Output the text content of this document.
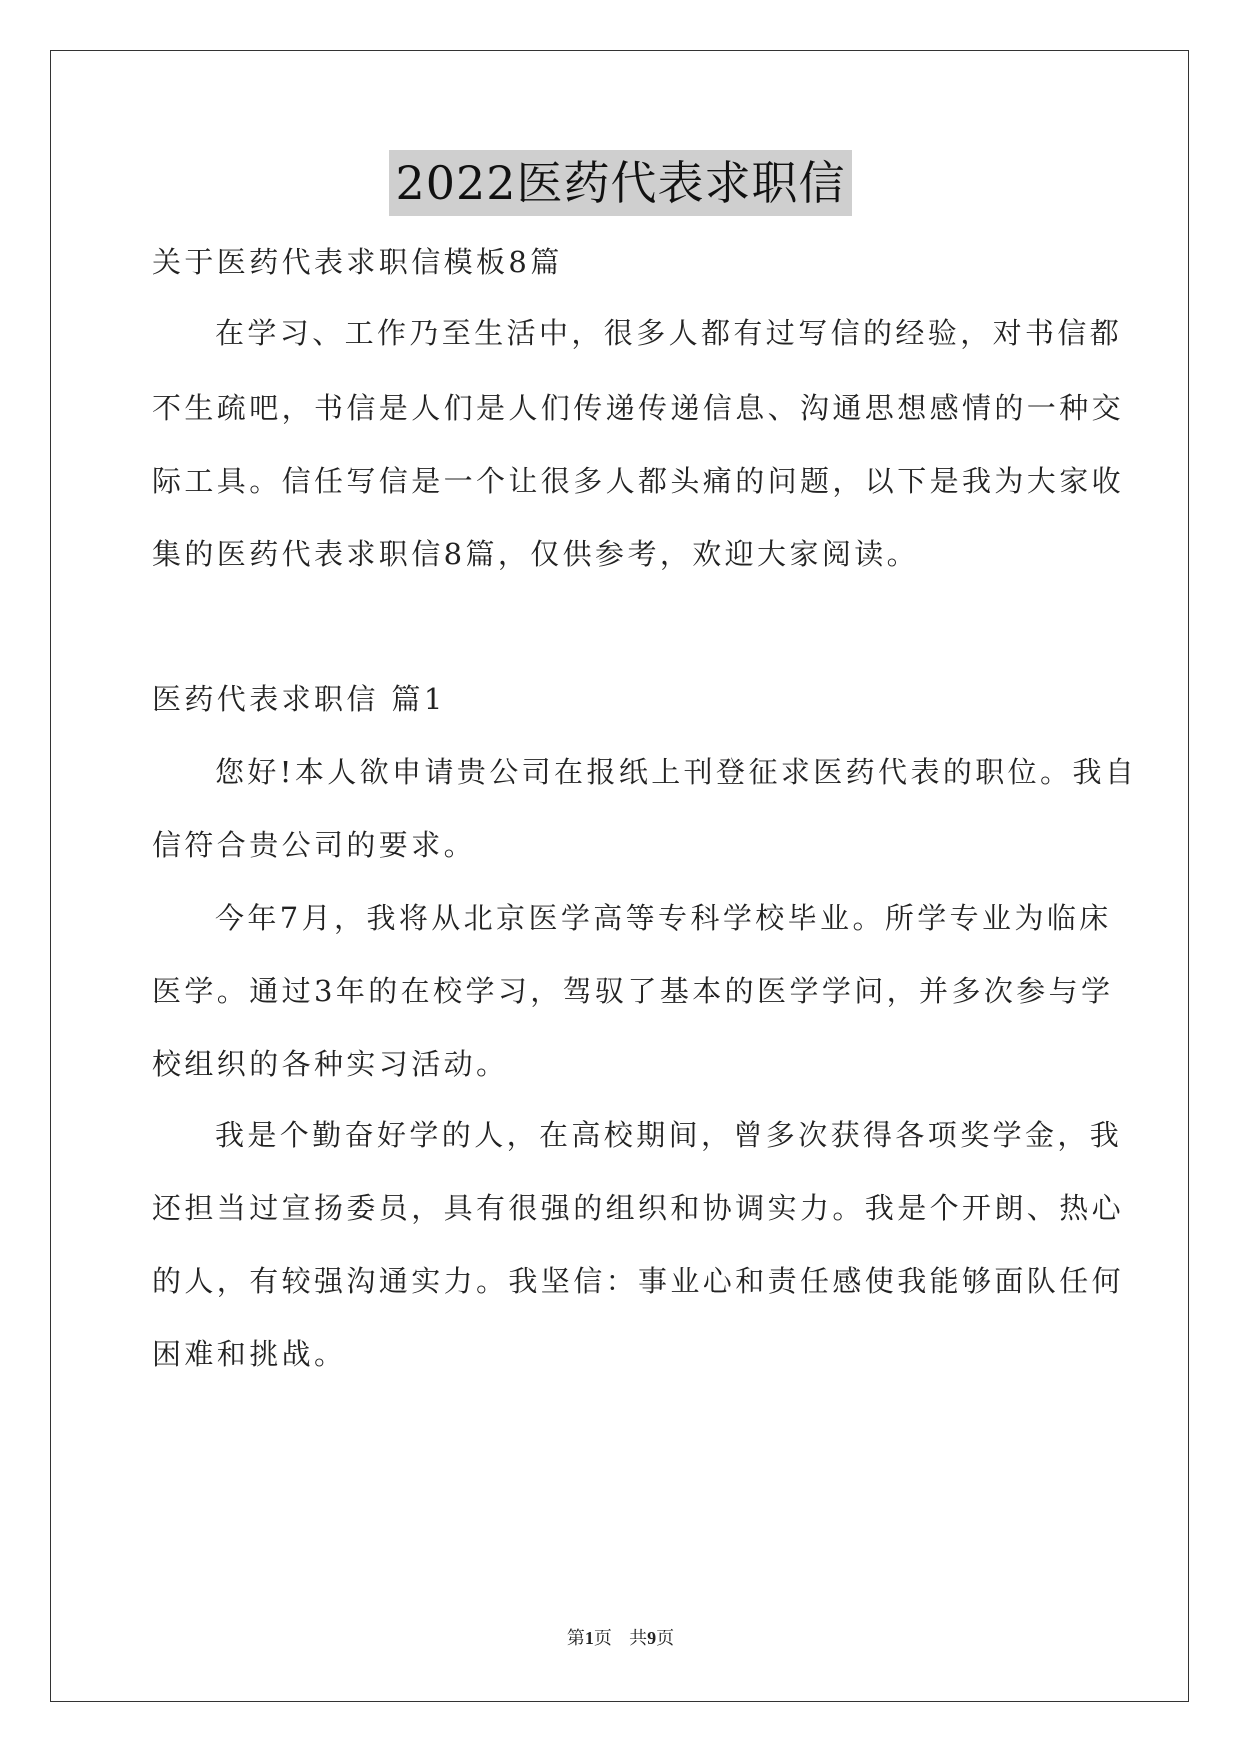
2022医药代表求职信
关于医药代表求职信模板8篇
在学习、工作乃至生活中，很多人都有过写信的经验，对书信都
不生疏吧，书信是人们是人们传递传递信息、沟通思想感情的一种交
际工具。信任写信是一个让很多人都头痛的问题，以下是我为大家收
集的医药代表求职信8篇，仅供参考，欢迎大家阅读。
医药代表求职信 篇1
您好!本人欲申请贵公司在报纸上刊登征求医药代表的职位。我自
信符合贵公司的要求。
今年7月，我将从北京医学高等专科学校毕业。所学专业为临床
医学。通过3年的在校学习，驾驭了基本的医学学问，并多次参与学
校组织的各种实习活动。
我是个勤奋好学的人，在高校期间，曾多次获得各项奖学金，我
还担当过宣扬委员，具有很强的组织和协调实力。我是个开朗、热心
的人，有较强沟通实力。我坚信：事业心和责任感使我能够面队任何
困难和挑战。
第1页   共9页
